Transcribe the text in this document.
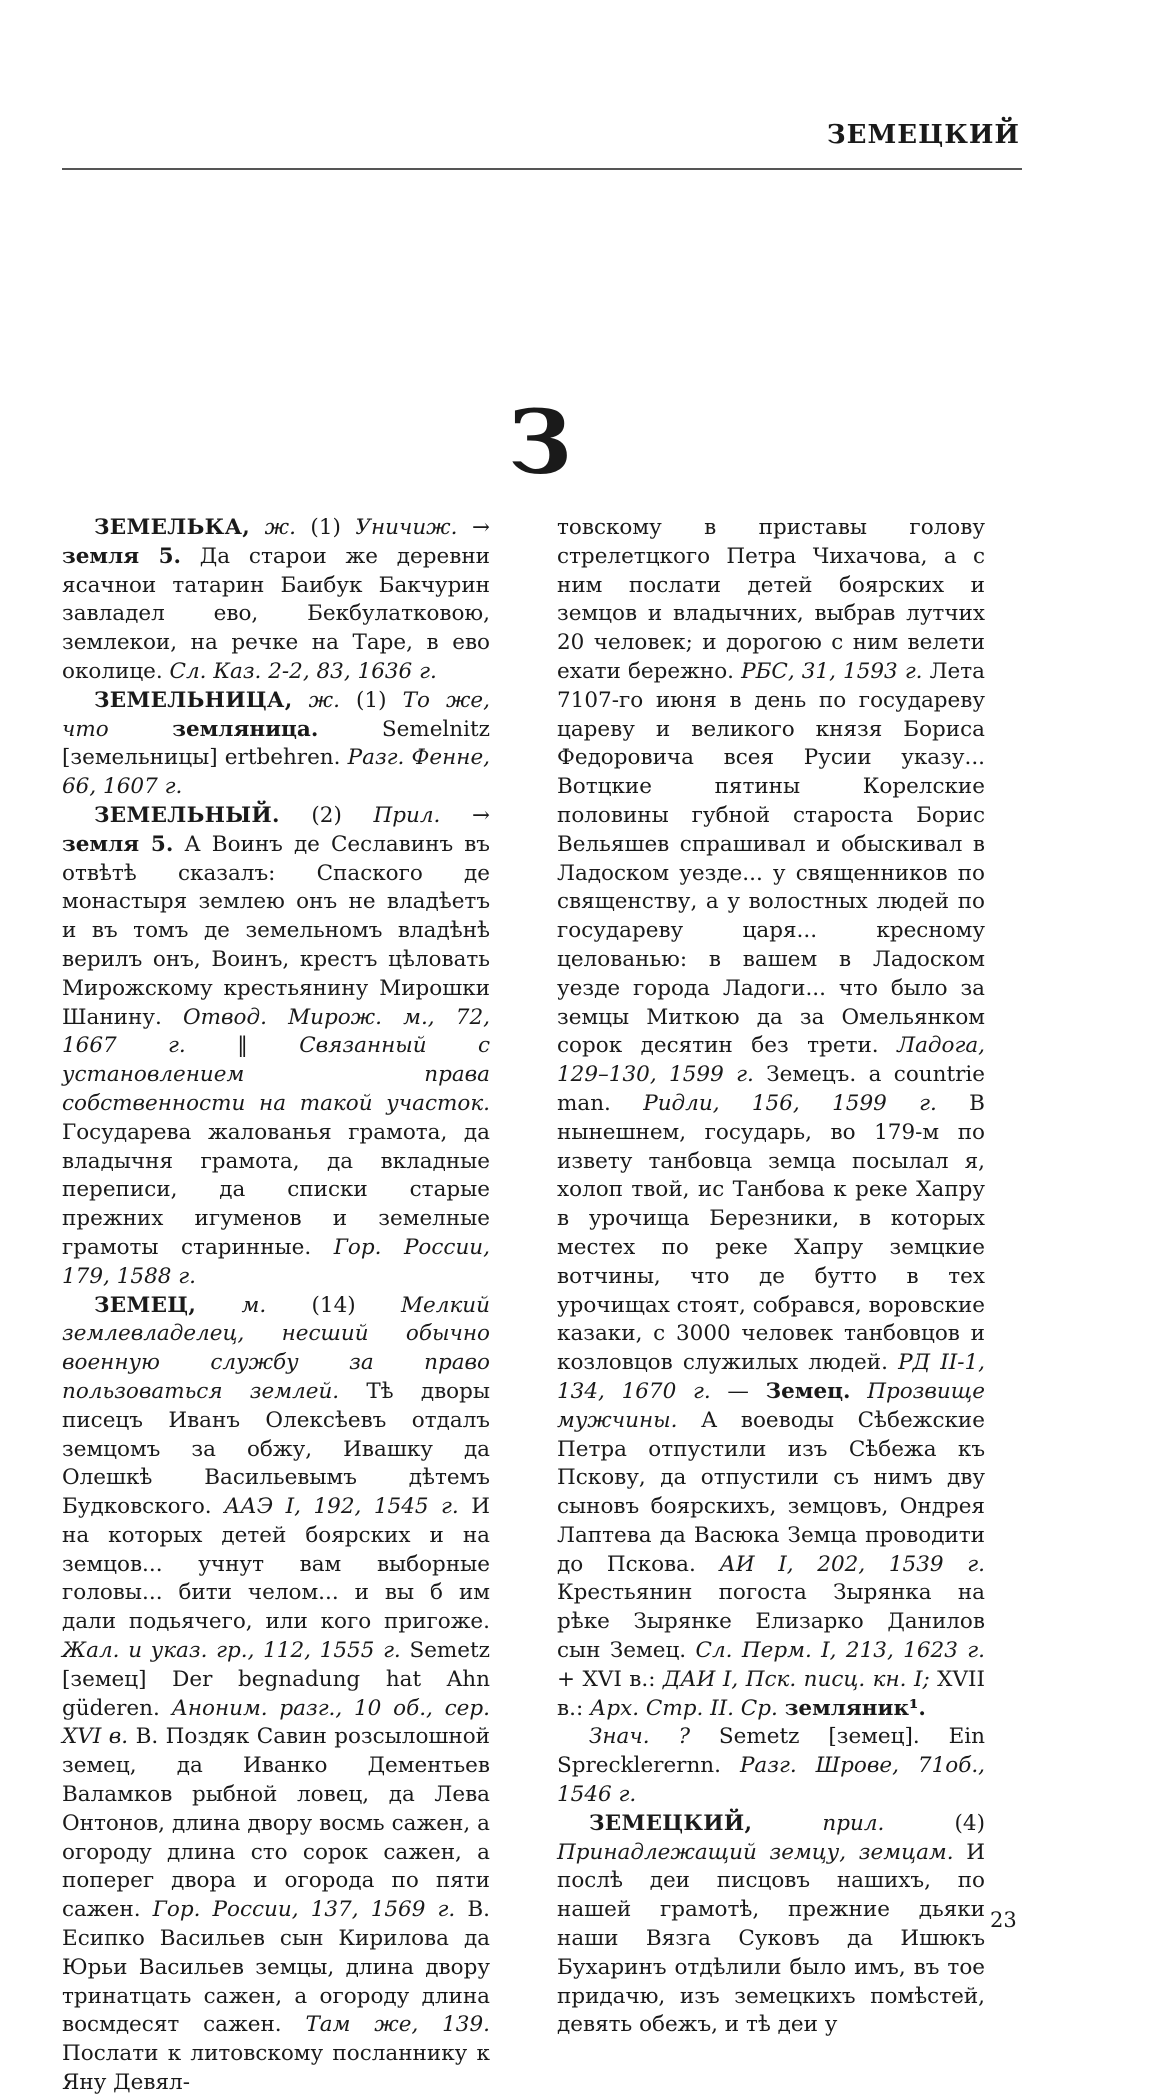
ЗЕМЕЦКИЙ
З

ЗЕМЕЛЬКА, ж. (1) Уничиж. → земля 5. Да старои же деревни ясачнои татарин Баибук Бакчурин завладел ево, Бекбулатковою, землекои, на речке на Таре, в ево околице. Сл. Каз. 2-2, 83, 1636 г.

ЗЕМЕЛЬНИЦА, ж. (1) То же, что	земляница. Semelnitz [земельницы] ertbehren. Разг. Фенне, 66, 1607 г.

ЗЕМЕЛЬНЫЙ. (2) Прил. → земля 5. А Воинъ де Сеславинъ въ отвѣтѣ сказалъ: Спаского де монастыря землею онъ не владѣетъ и въ томъ де земельномъ владѣнѣ верилъ онъ, Воинъ, крестъ цѣловать Мирожскому крестьянину Мирошки Шанину. Отвод. Мирож. м., 72, 1667 г. ‖ Связанный с установлением права собственности на такой участок. Государева жалованья грамота, да владычня грамота, да вкладные переписи, да списки старые прежних игуменов и земелные грамоты старинные. Гор. России, 179, 1588 г.

ЗЕМЕЦ, м. (14) Мелкий землевладелец, несший обычно военную службу за право пользоваться землей. Тѣ дворы писецъ Иванъ Олексѣевъ отдалъ земцомъ за обжу, Ивашку да Олешкѣ Васильевымъ дѣтемъ Будковского. ААЭ I, 192, 1545 г. И на которых детей боярских и на земцов... учнут вам выборные головы... бити челом... и вы б им дали подьячего, или кого пригоже. Жал. и указ. гр., 112, 1555 г. Semetz [земец] Der begnadung hat Ahn güderen. Аноним. разг., 10 об., сер. XVI в. В. Поздяк Савин розсылошной земец, да Иванко Дементьев Валамков рыбной ловец, да Лева Онтонов, длина двору восмь сажен, а огороду длина сто сорок сажен, а поперег двора и огорода по пяти сажен. Гор. России, 137, 1569 г. В. Есипко Васильев сын Кирилова да Юрьи Васильев земцы, длина двору тринатцать сажен, а огороду длина восмдесят сажен. Там же, 139. Послати к литовскому посланнику к Яну Девял-

товскому в приставы голову стрелетцкого Петра Чихачова, а с ним послати детей боярских и земцов и владычних, выбрав лутчих 20 человек; и дорогою с ним велети ехати бережно. РБС, 31, 1593 г. Лета 7107-го июня в день по государеву цареву и великого князя Бориса Федоровича всея Русии указу... Вотцкие пятины Корелские половины губной староста Борис Вельяшев спрашивал и обыскивал в Ладоском уезде... у священников по священству, а у волостных людей по государеву царя... кресному целованью: в вашем в Ладоском уезде города Ладоги... что было за земцы Миткою да за Омельянком сорок десятин без трети. Ладога, 129–130, 1599 г. Земецъ. a countrie man. Ридли, 156, 1599 г. В нынешнем, государь, во 179-м по извету танбовца земца посылал я, холоп твой, ис Танбова к реке Хапру в урочища Березники, в которых местех по реке Хапру земцкие вотчины, что де бутто в тех урочищах стоят, собрався, воровские казаки, с 3000 человек танбовцов и козловцов служилых людей. РД II-1, 134, 1670 г. — Земец. Прозвище мужчины. А воеводы Сѣбежские Петра отпустили изъ Сѣбежа къ Пскову, да отпустили съ нимъ дву сыновъ боярскихъ, земцовъ, Ондрея Лаптева да Васюка Земца проводити до Пскова. АИ I, 202, 1539 г. Крестьянин погоста Зырянка на рѣке Зырянке Елизарко Данилов сын Земец. Сл. Перм. I, 213, 1623 г. + XVI в.: ДАИ I, Пск. писц. кн. I; XVII в.: Арх. Стр. II. Ср. земляник¹.

Знач. ? Semetz [земец]. Ein Sprecklerernn. Разг. Шрове, 71об., 1546 г.

ЗЕМЕЦКИЙ,	прил. (4) Принадлежащий земцу, земцам. И послѣ деи писцовъ нашихъ, по нашей грамотѣ, прежние дьяки наши Вязга Суковъ да Ишюкъ Бухаринъ отдѣлили было имъ, въ тое придачю, изъ земецкихъ помѣстей, девять обежъ, и тѣ деи у

23
